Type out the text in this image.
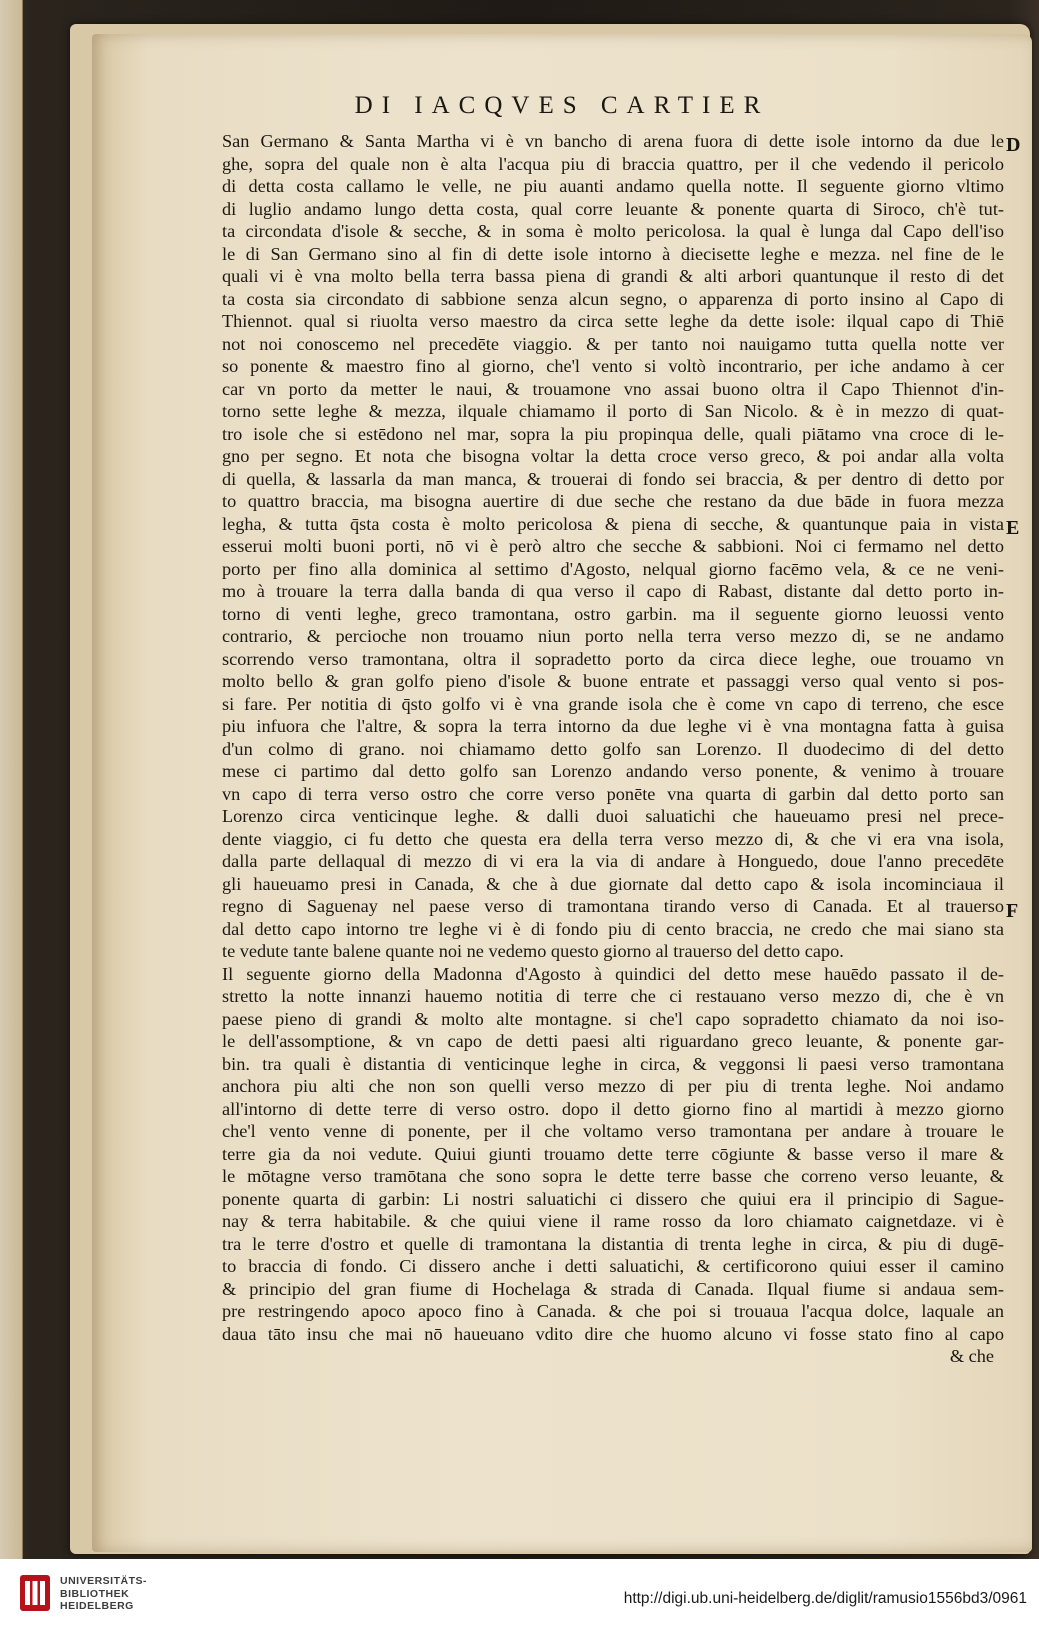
DI IACQVES CARTIER
D
E
F
San Germano & Santa Martha vi è vn bancho di arena fuora di dette isole intorno da due le
ghe, sopra del quale non è alta l'acqua piu di braccia quattro, per il che vedendo il pericolo
di detta costa callamo le velle, ne piu auanti andamo quella notte. Il seguente giorno vltimo
di luglio andamo lungo detta costa, qual corre leuante & ponente quarta di Siroco, ch'è tut-
ta circondata d'isole & secche, & in soma è molto pericolosa. la qual è lunga dal Capo dell'iso
le di San Germano sino al fin di dette isole intorno à diecisette leghe e mezza. nel fine de le
quali vi è vna molto bella terra bassa piena di grandi & alti arbori quantunque il resto di det
ta costa sia circondato di sabbione senza alcun segno, o apparenza di porto insino al Capo di
Thiennot. qual si riuolta verso maestro da circa sette leghe da dette isole: ilqual capo di Thiē
not noi conoscemo nel precedēte viaggio. & per tanto noi nauigamo tutta quella notte ver
so ponente & maestro fino al giorno, che'l vento si voltò incontrario, per iche andamo à cer
car vn porto da metter le naui, & trouamone vno assai buono oltra il Capo Thiennot d'in-
torno sette leghe & mezza, ilquale chiamamo il porto di San Nicolo. & è in mezzo di quat-
tro isole che si estēdono nel mar, sopra la piu propinqua delle, quali piātamo vna croce di le-
gno per segno. Et nota che bisogna voltar la detta croce verso greco, & poi andar alla volta
di quella, & lassarla da man manca, & trouerai di fondo sei braccia, & per dentro di detto por
to quattro braccia, ma bisogna auertire di due seche che restano da due bāde in fuora mezza
legha, & tutta q̄sta costa è molto pericolosa & piena di secche, & quantunque paia in vista
esserui molti buoni porti, nō vi è però altro che secche & sabbioni. Noi ci fermamo nel detto
porto per fino alla dominica al settimo d'Agosto, nelqual giorno facēmo vela, & ce ne veni-
mo à trouare la terra dalla banda di qua verso il capo di Rabast, distante dal detto porto in-
torno di venti leghe, greco tramontana, ostro garbin. ma il seguente giorno leuossi vento
contrario, & percioche non trouamo niun porto nella terra verso mezzo di, se ne andamo
scorrendo verso tramontana, oltra il sopradetto porto da circa diece leghe, oue trouamo vn
molto bello & gran golfo pieno d'isole & buone entrate et passaggi verso qual vento si pos-
si fare. Per notitia di q̄sto golfo vi è vna grande isola che è come vn capo di terreno, che esce
piu infuora che l'altre, & sopra la terra intorno da due leghe vi è vna montagna fatta à guisa
d'un colmo di grano. noi chiamamo detto golfo san Lorenzo. Il duodecimo di del detto
mese ci partimo dal detto golfo san Lorenzo andando verso ponente, & venimo à trouare
vn capo di terra verso ostro che corre verso ponēte vna quarta di garbin dal detto porto san
Lorenzo circa venticinque leghe. & dalli duoi saluatichi che haueuamo presi nel prece-
dente viaggio, ci fu detto che questa era della terra verso mezzo di, & che vi era vna isola,
dalla parte dellaqual di mezzo di vi era la via di andare à Honguedo, doue l'anno precedēte
gli haueuamo presi in Canada, & che à due giornate dal detto capo & isola incominciaua il
regno di Saguenay nel paese verso di tramontana tirando verso di Canada. Et al trauerso
dal detto capo intorno tre leghe vi è di fondo piu di cento braccia, ne credo che mai siano sta
te vedute tante balene quante noi ne vedemo questo giorno al trauerso del detto capo.
Il seguente giorno della Madonna d'Agosto à quindici del detto mese hauēdo passato il de-
stretto la notte innanzi hauemo notitia di terre che ci restauano verso mezzo di, che è vn
paese pieno di grandi & molto alte montagne. si che'l capo sopradetto chiamato da noi iso-
le dell'assomptione, & vn capo de detti paesi alti riguardano greco leuante, & ponente gar-
bin. tra quali è distantia di venticinque leghe in circa, & veggonsi li paesi verso tramontana
anchora piu alti che non son quelli verso mezzo di per piu di trenta leghe. Noi andamo
all'intorno di dette terre di verso ostro. dopo il detto giorno fino al martidi à mezzo giorno
che'l vento venne di ponente, per il che voltamo verso tramontana per andare à trouare le
terre gia da noi vedute. Quiui giunti trouamo dette terre cōgiunte & basse verso il mare &
le mōtagne verso tramōtana che sono sopra le dette terre basse che correno verso leuante, &
ponente quarta di garbin: Li nostri saluatichi ci dissero che quiui era il principio di Sague-
nay & terra habitabile. & che quiui viene il rame rosso da loro chiamato caignetdaze. vi è
tra le terre d'ostro et quelle di tramontana la distantia di trenta leghe in circa, & piu di dugē-
to braccia di fondo. Ci dissero anche i detti saluatichi, & certificorono quiui esser il camino
& principio del gran fiume di Hochelaga & strada di Canada. Ilqual fiume si andaua sem-
pre restringendo apoco apoco fino à Canada. & che poi si trouaua l'acqua dolce, laquale an
daua tāto insu che mai nō haueuano vdito dire che huomo alcuno vi fosse stato fino al capo
& che
UNIVERSITÄTS-
BIBLIOTHEK
HEIDELBERG	http://digi.ub.uni-heidelberg.de/diglit/ramusio1556bd3/0961
